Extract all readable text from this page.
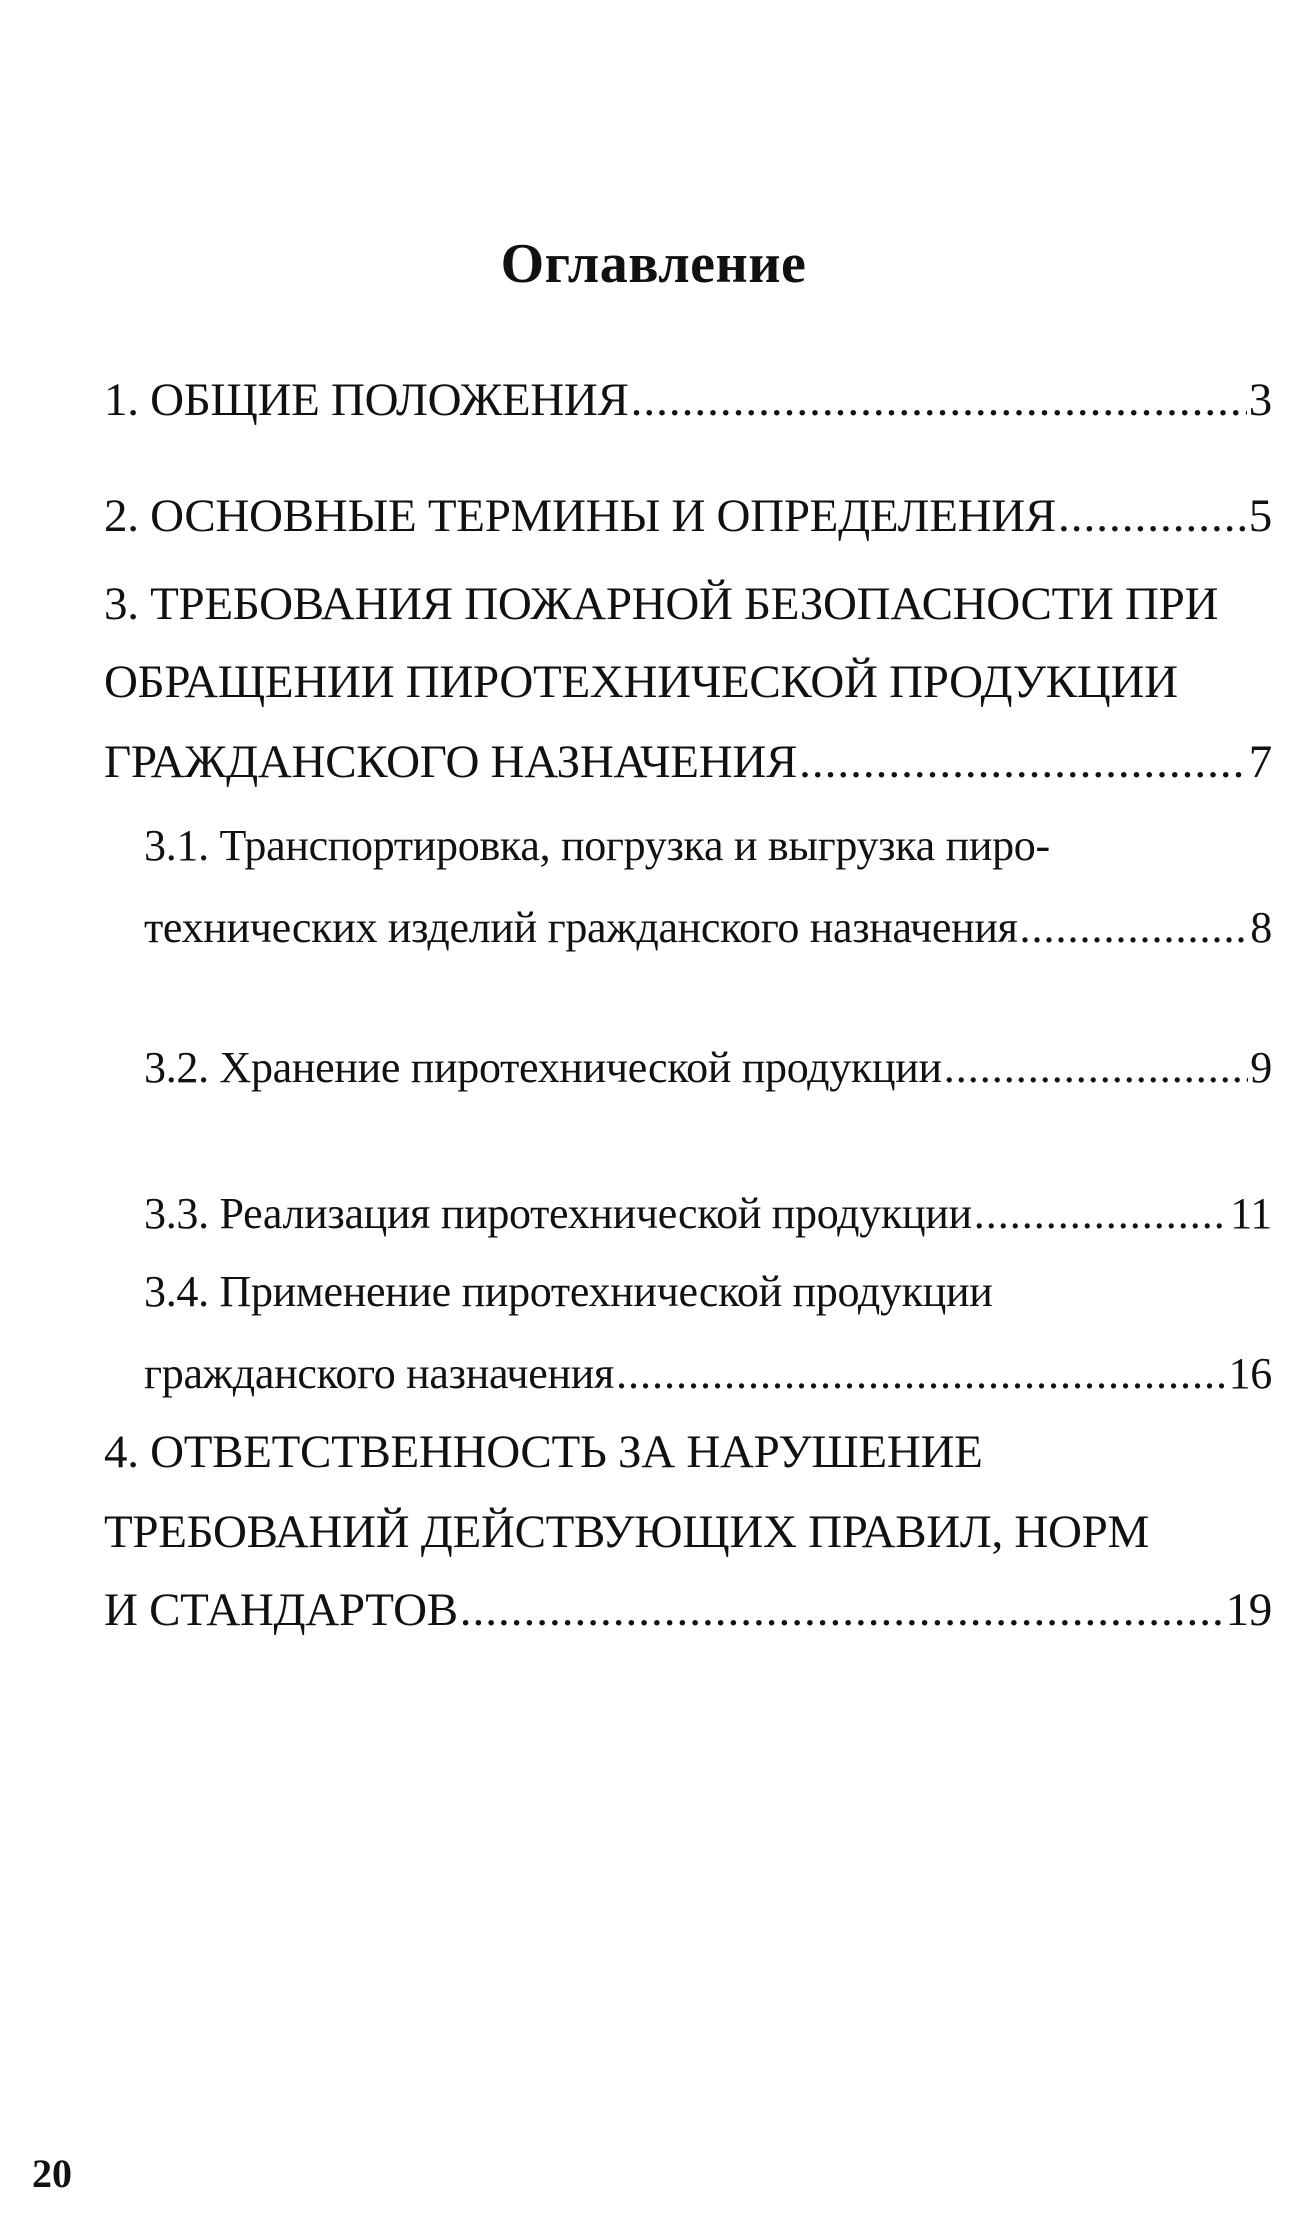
Оглавление
1. ОБЩИЕ ПОЛОЖЕНИЯ .....	3
2. ОСНОВНЫЕ ТЕРМИНЫ И ОПРЕДЕЛЕНИЯ .....	5
3. ТРЕБОВАНИЯ ПОЖАРНОЙ БЕЗОПАСНОСТИ ПРИ
ОБРАЩЕНИИ ПИРОТЕХНИЧЕСКОЙ ПРОДУКЦИИ
ГРАЖДАНСКОГО НАЗНАЧЕНИЯ .....	7
3.1. Транспортировка, погрузка и выгрузка пиро-
технических изделий гражданского назначения .....	8
3.2. Хранение пиротехнической продукции .....	9
3.3. Реализация пиротехнической продукции .....	11
3.4. Применение пиротехнической продукции
гражданского назначения .....	16
4. ОТВЕТСТВЕННОСТЬ ЗА НАРУШЕНИЕ
ТРЕБОВАНИЙ ДЕЙСТВУЮЩИХ ПРАВИЛ, НОРМ
И СТАНДАРТОВ .....	19
20
